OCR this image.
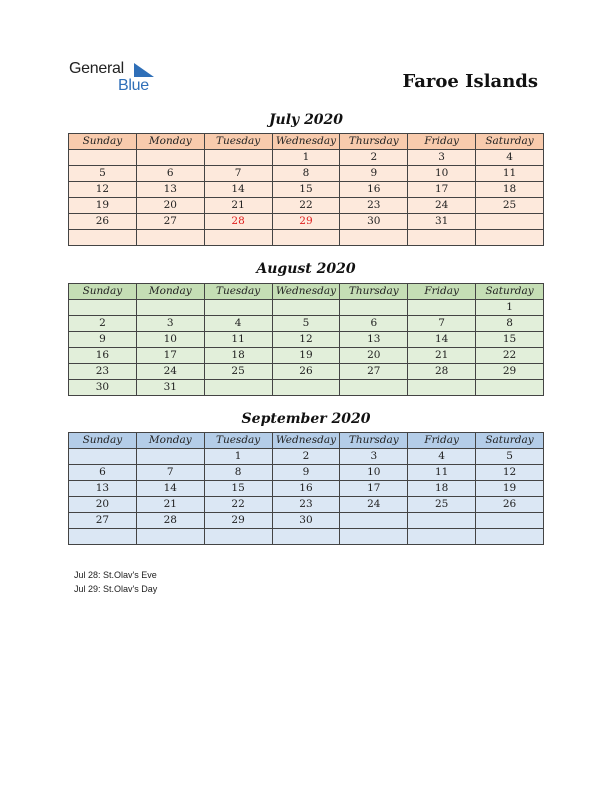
General
Blue	Faroe Islands
July 2020
Sunday	Monday	Tuesday	Wednesday	Thursday	Friday	Saturday
			1	2	3	4
5	6	7	8	9	10	11
12	13	14	15	16	17	18
19	20	21	22	23	24	25
26	27	28	29	30	31	

August 2020
Sunday	Monday	Tuesday	Wednesday	Thursday	Friday	Saturday
						1
2	3	4	5	6	7	8
9	10	11	12	13	14	15
16	17	18	19	20	21	22
23	24	25	26	27	28	29
30	31					
September 2020
Sunday	Monday	Tuesday	Wednesday	Thursday	Friday	Saturday
		1	2	3	4	5
6	7	8	9	10	11	12
13	14	15	16	17	18	19
20	21	22	23	24	25	26
27	28	29	30			

Jul 28: St.Olav's Eve
Jul 29: St.Olav's Day
